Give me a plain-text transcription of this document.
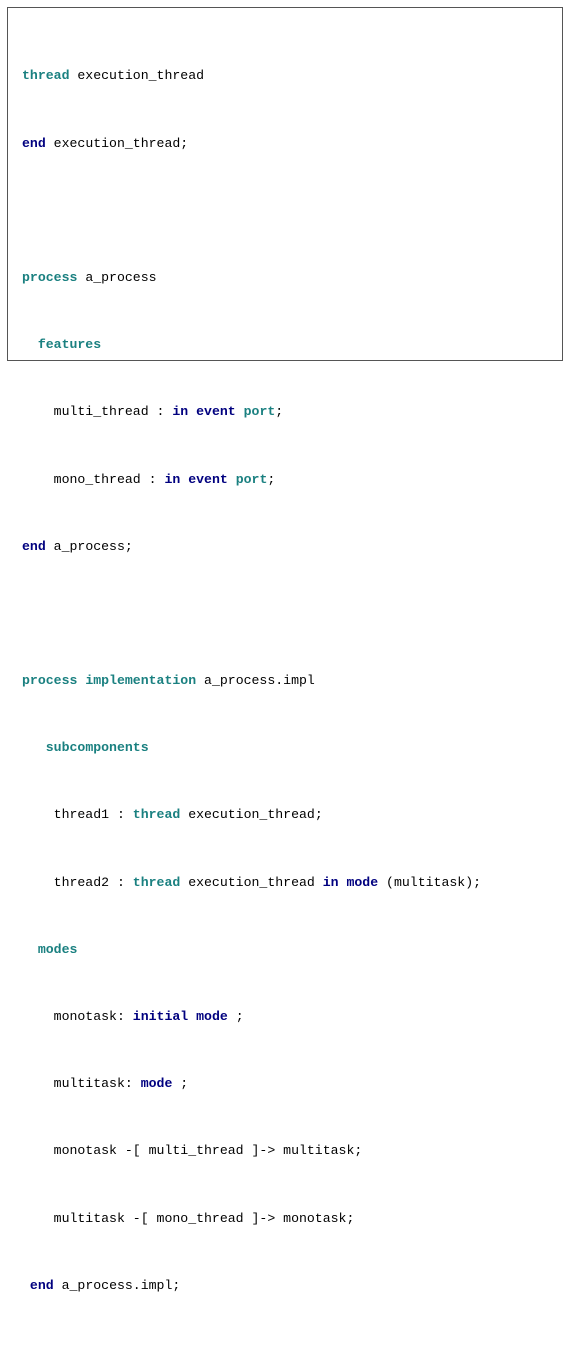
thread execution_thread

end execution_thread;

process a_process

features

multi_thread : in event port;

mono_thread : in event port;

end a_process;

process implementation a_process.impl

subcomponents

thread1 : thread execution_thread;

thread2 : thread execution_thread in mode (multitask);

modes

monotask: initial mode ;

multitask: mode ;

monotask -[ multi_thread ]-> multitask;

multitask -[ mono_thread ]-> monotask;

end a_process.impl;
